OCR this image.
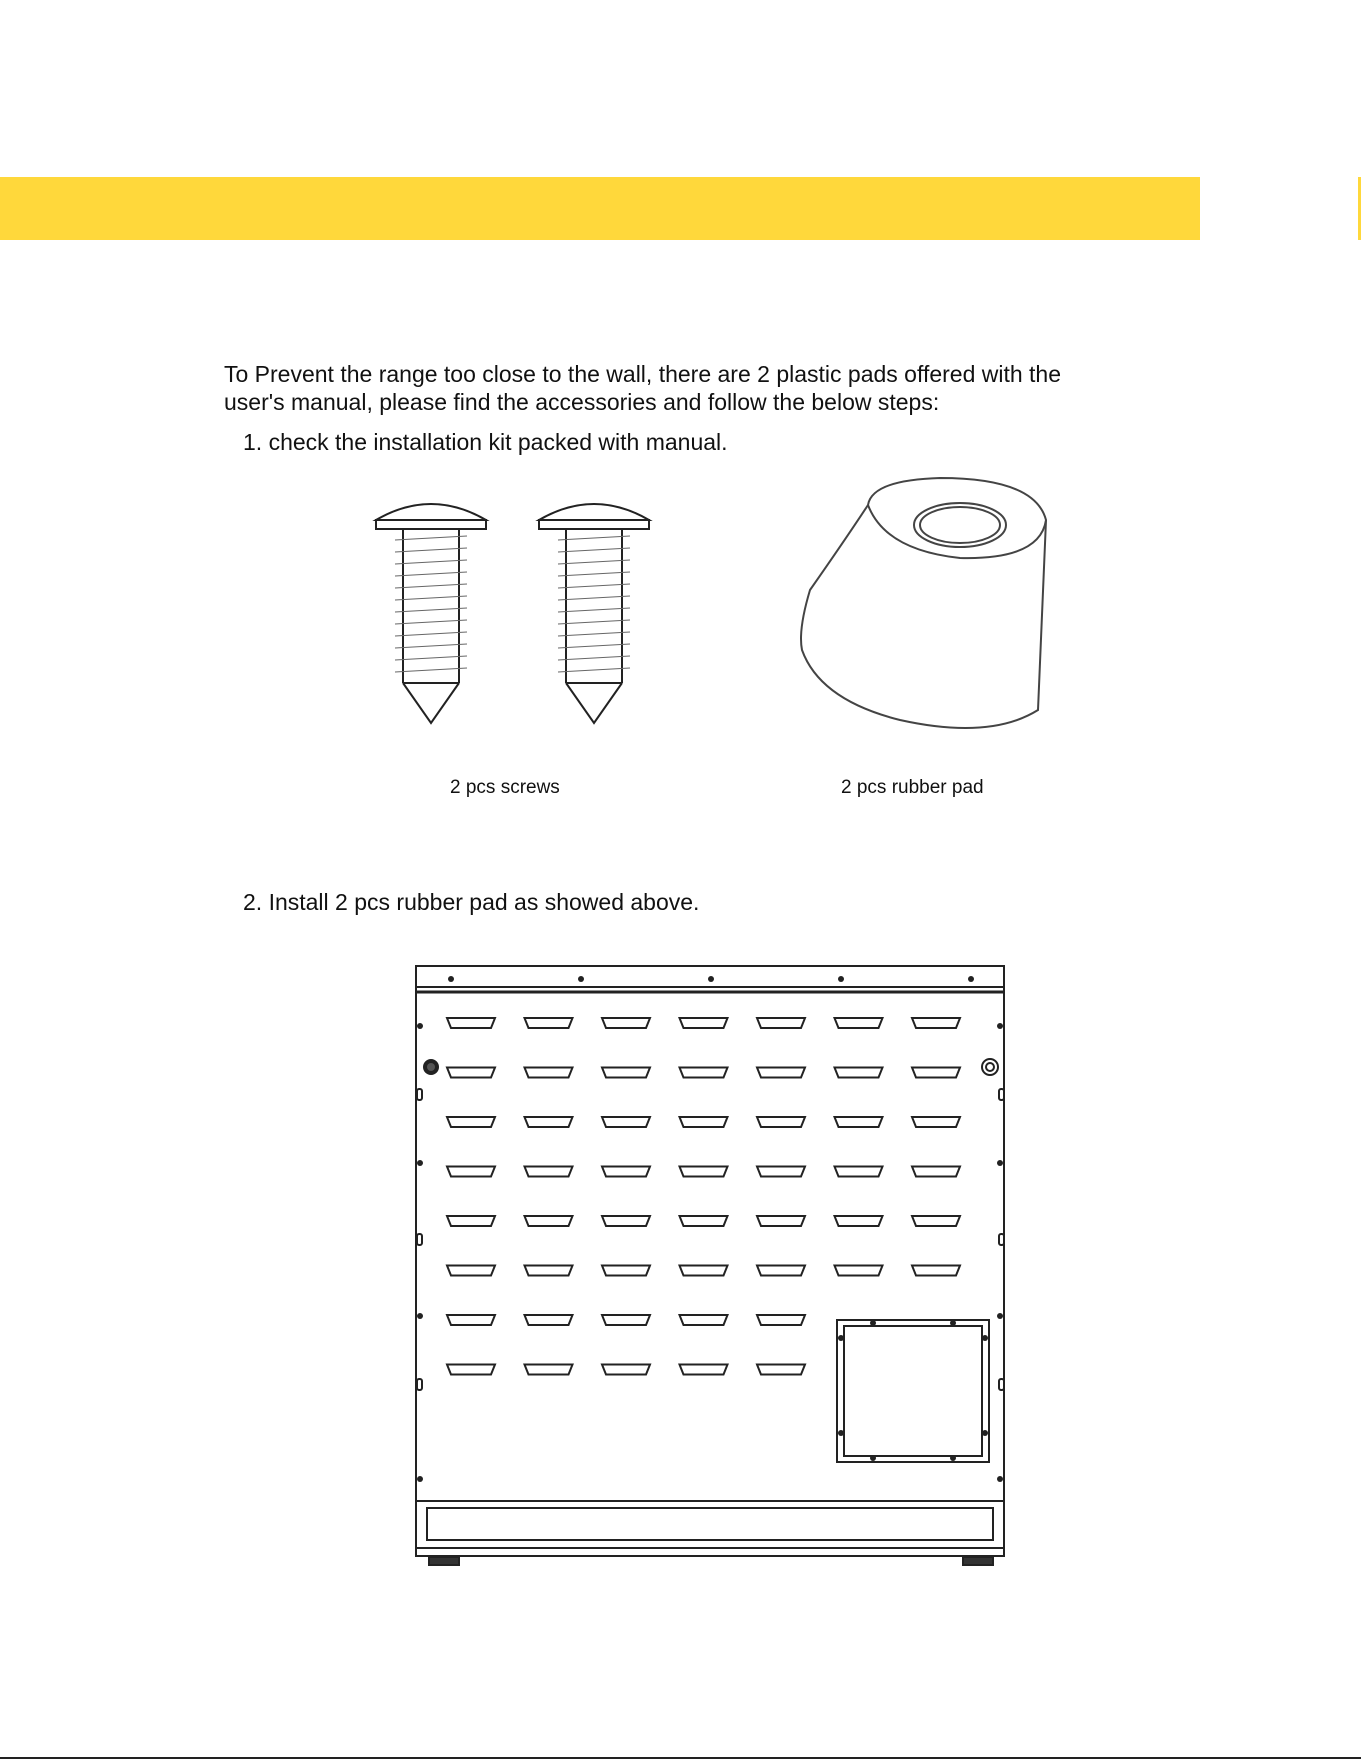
To Prevent the range too close to the wall, there are 2 plastic pads offered with the
user's manual, please find the accessories and follow the below steps:

1. check the installation kit packed with manual.

2 pcs screws	2 pcs rubber pad

2. Install 2 pcs rubber pad as showed above.
